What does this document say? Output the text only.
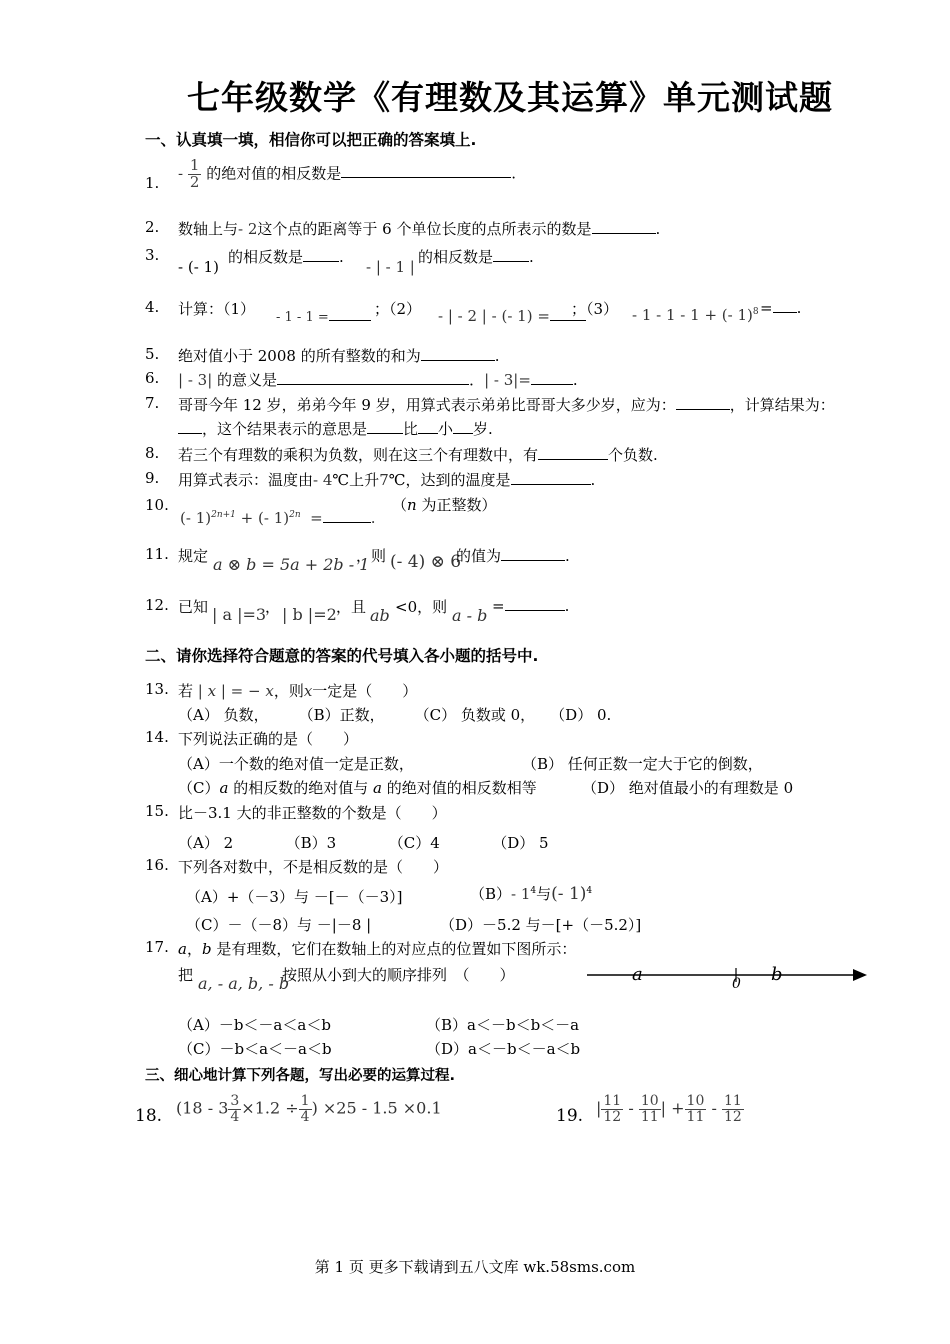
七年级数学《有理数及其运算》单元测试题
一、认真填一填，相信你可以把正确的答案填上.
1.
- $\frac{1}{2}$ 的绝对值的相反数是	.
2. 数轴上与- 2这个点的距离等于 6 个单位长度的点所表示的数是	.
3.
- (- 1)
的相反数是 .
- | - 1 |
的相反数是 .
4. 计算：（1） - 1 - 1 =	；（2） - | - 2 | - (- 1) =	；（3） - 1 - 1 - 1 + (- 1)$^8$ = .
5. 绝对值小于 2008 的所有整数的和为	.
6. | - 3| 的意义是	．| - 3|=	.
7. 哥哥今年 12 岁，弟弟今年 9 岁，用算式表示弟弟比哥哥大多少岁，应为：	，计算结果为：
，这个结果表示的意思是 比 小 岁.
8. 若三个有理数的乘积为负数，则在这三个有理数中，有	个负数.
9. 用算式表示：温度由- 4℃上升7℃，达到的温度是	.
10.
(- 1)$^{2n+1}$ + (- 1)$^{2n}$ =	.
（n 为正整数）
11. 规定 a ⊗ b = 5a + 2b - 1
，则 (- 4) ⊗ 6
的值为	.
12. 已知 | a |=3
， | b |=2 ，且 ab <0，则 a - b =	.
二、请你选择符合题意的答案的代号填入各小题的括号中.
13. 若 | x | = − x，则x一定是（　　）
（A） 负数，　　　（B）正数，　　　（C） 负数或 0，　　（D） 0.
14. 下列说法正确的是（　　）
（A）一个数的绝对值一定是正数，	（B） 任何正数一定大于它的倒数，
（C）a 的相反数的绝对值与 a 的绝对值的相反数相等	（D） 绝对值最小的有理数是 0
15. 比－3.1 大的非正整数的个数是（　　）
（A） 2　　　　（B）3　　　　（C）4　　　　（D） 5
16. 下列各对数中，不是相反数的是（　　）
（A）+（－3）与 －[－（－3）]	（B）- $1^4$与(- 1)$^4$
（C）－（－8）与 －|－8 |	（D）－5.2 与－[+（－5.2）]
17. a，b 是有理数，它们在数轴上的对应点的位置如下图所示：
把 a, - a, b, - b
按照从小到大的顺序排列　（　　）	a	0 b
（A）－b＜－a＜a＜b	（B）a＜－b＜b＜－a
（C）－b＜a＜－a＜b	（D）a＜－b＜－a＜b
三、细心地计算下列各题，写出必要的运算过程.
18. ($18 - 3 \frac{3}{4} \times 1.2 \div \frac{1}{4}$ ) ×25 - 1.5 ×0.1	19. | $\frac{11}{12} - \frac{10}{11}$ | + $\frac{10}{11} - \frac{11}{12}$
第 1 页 更多下载请到五八文库 wk.58sms.com
